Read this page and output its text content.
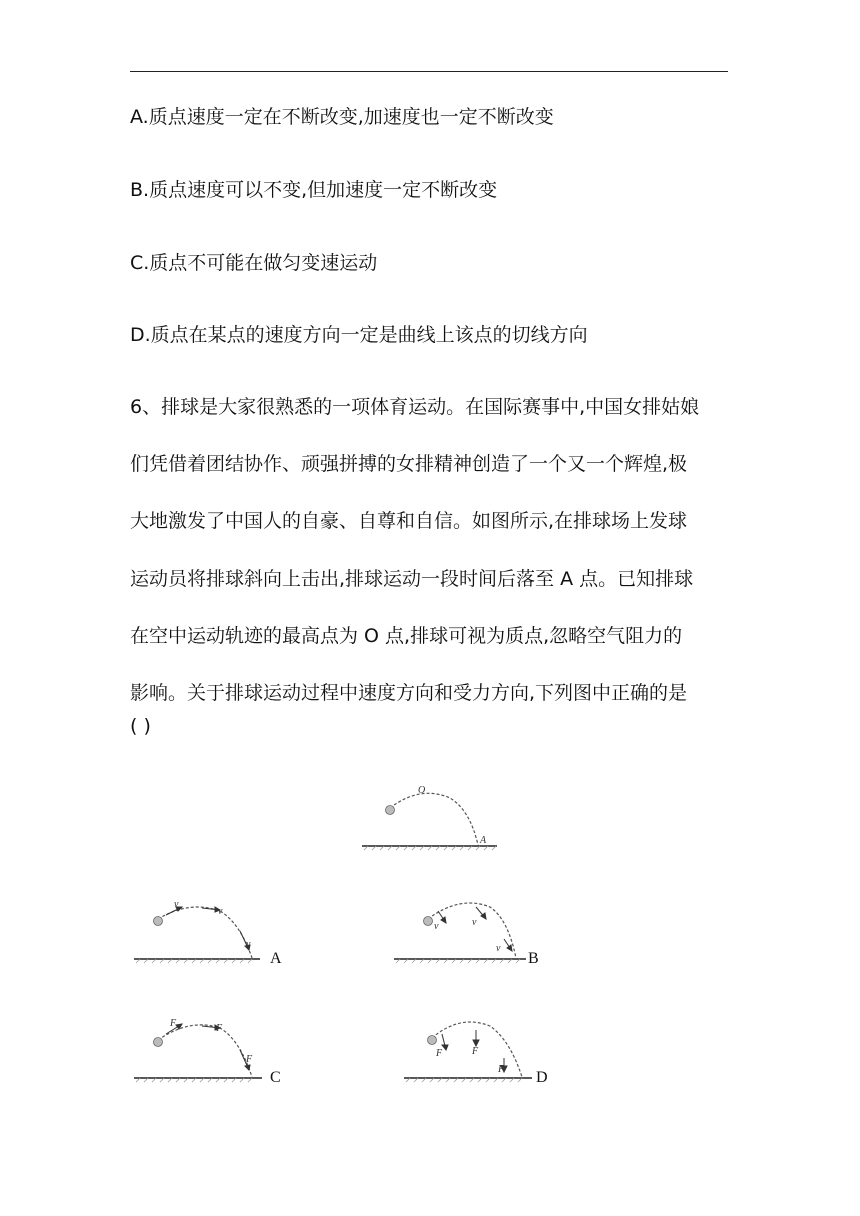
A.质点速度一定在不断改变,加速度也一定不断改变
B.质点速度可以不变,但加速度一定不断改变
C.质点不可能在做匀变速运动
D.质点在某点的速度方向一定是曲线上该点的切线方向
6、排球是大家很熟悉的一项体育运动。在国际赛事中,中国女排姑娘
们凭借着团结协作、顽强拼搏的女排精神创造了一个又一个辉煌,极
大地激发了中国人的自豪、自尊和自信。如图所示,在排球场上发球
运动员将排球斜向上击出,排球运动一段时间后落至 A 点。已知排球
在空中运动轨迹的最高点为 O 点,排球可视为质点,忽略空气阻力的
影响。关于排球运动过程中速度方向和受力方向,下列图中正确的是
( )
O
A
v
v
v
A
v	v
v
B
F	F
F
C
F	F
F D
